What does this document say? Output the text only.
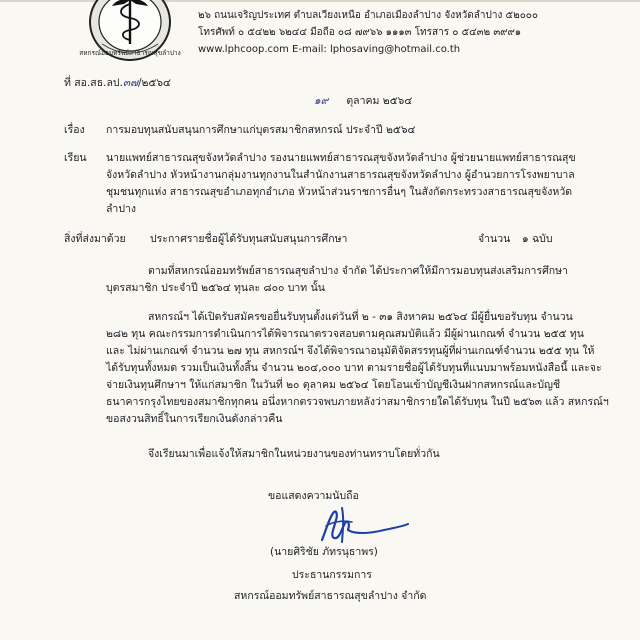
สหกรณ์ออมทรัพย์สาธารณสุขลำปาง
๒๖ ถนนเจริญประเทศ ตำบลเวียงเหนือ อำเภอเมืองลำปาง จังหวัดลำปาง ๕๒๐๐๐
โทรศัพท์ ๐ ๕๔๒๒ ๖๒๔๔ มือถือ ๐๘ ๗๙๖๖ ๑๑๑๓ โทรสาร ๐ ๕๔๓๒ ๓๙๙๑
www.lphcoop.com E-mail: lphosaving@hotmail.co.th
ที่ สอ.สธ.ลป.๓๗/๒๕๖๔
๑๙ ตุลาคม ๒๕๖๔
เรื่อง การมอบทุนสนับสนุนการศึกษาแก่บุตรสมาชิกสหกรณ์ ประจำปี ๒๕๖๔
เรียน นายแพทย์สาธารณสุขจังหวัดลำปาง รองนายแพทย์สาธารณสุขจังหวัดลำปาง ผู้ช่วยนายแพทย์สาธารณสุข
จังหวัดลำปาง หัวหน้างานกลุ่มงานทุกงานในสำนักงานสาธารณสุขจังหวัดลำปาง ผู้อำนวยการโรงพยาบาล
ชุมชนทุกแห่ง สาธารณสุขอำเภอทุกอำเภอ หัวหน้าส่วนราชการอื่นๆ ในสังกัดกระทรวงสาธารณสุขจังหวัด
ลำปาง
สิ่งที่ส่งมาด้วย ประกาศรายชื่อผู้ได้รับทุนสนับสนุนการศึกษา	จำนวน ๑ ฉบับ
ตามที่สหกรณ์ออมทรัพย์สาธารณสุขลำปาง จำกัด ได้ประกาศให้มีการมอบทุนส่งเสริมการศึกษา
บุตรสมาชิก ประจำปี ๒๕๖๔ ทุนละ ๘๐๐ บาท นั้น
สหกรณ์ฯ ได้เปิดรับสมัครขอยื่นรับทุนตั้งแต่วันที่ ๒ - ๓๑ สิงหาคม ๒๕๖๔ มีผู้ยื่นขอรับทุน จำนวน
๒๘๒ ทุน คณะกรรมการดำเนินการได้พิจารณาตรวจสอบตามคุณสมบัติแล้ว มีผู้ผ่านเกณฑ์ จำนวน ๒๕๕ ทุน
และ ไม่ผ่านเกณฑ์ จำนวน ๒๗ ทุน สหกรณ์ฯ จึงได้พิจารณาอนุมัติจัดสรรทุนผู้ที่ผ่านเกณฑ์จำนวน ๒๕๕ ทุน ให้
ได้รับทุนทั้งหมด รวมเป็นเงินทั้งสิ้น จำนวน ๒๐๔,๐๐๐ บาท ตามรายชื่อผู้ได้รับทุนที่แนบมาพร้อมหนังสือนี้ และจะ
จ่ายเงินทุนศึกษาฯ ให้แก่สมาชิก ในวันที่ ๒๐ ตุลาคม ๒๕๖๔ โดยโอนเข้าบัญชีเงินฝากสหกรณ์และบัญชี
ธนาคารกรุงไทยของสมาชิกทุกคน อนึ่งหากตรวจพบภายหลังว่าสมาชิกรายใดได้รับทุน ในปี ๒๕๖๓ แล้ว สหกรณ์ฯ
ขอสงวนสิทธิ์ในการเรียกเงินดังกล่าวคืน
จึงเรียนมาเพื่อแจ้งให้สมาชิกในหน่วยงานของท่านทราบโดยทั่วกัน
ขอแสดงความนับถือ
(นายศิริชัย ภัทรนุธาพร)
ประธานกรรมการ
สหกรณ์ออมทรัพย์สาธารณสุขลำปาง จำกัด
